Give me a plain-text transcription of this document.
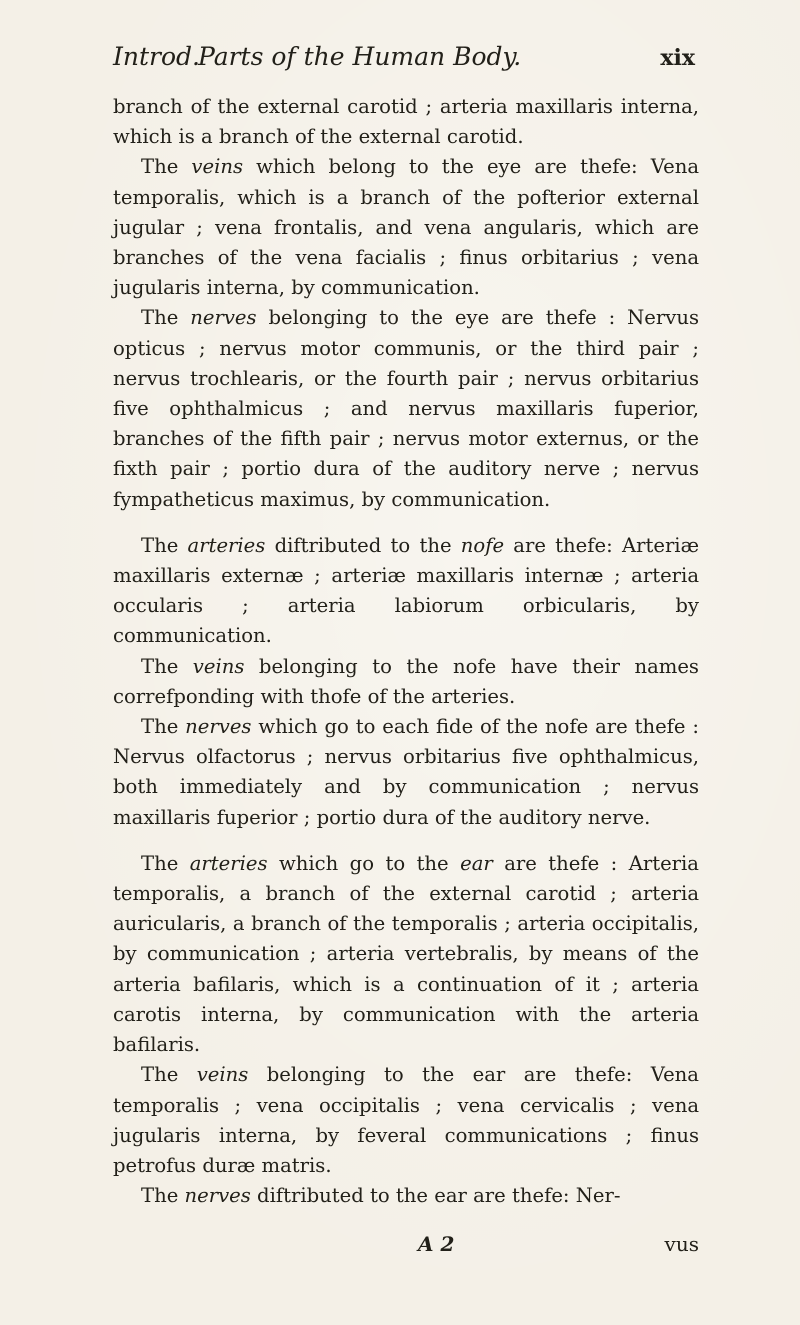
Introd.
Parts of the Human Body.	xix

branch of the external carotid ; arteria maxillaris interna, which is a branch of the external carotid.

The veins which belong to the eye are thefe: Vena temporalis, which is a branch of the pofterior external jugular ; vena frontalis, and vena angularis, which are branches of the vena facialis ; finus orbitarius ; vena jugularis interna, by communication.

The nerves belonging to the eye are thefe : Nervus opticus ; nervus motor communis, or the third pair ; nervus trochlearis, or the fourth pair ; nervus orbitarius five ophthalmicus ; and nervus maxillaris fuperior, branches of the fifth pair ; nervus motor externus, or the fixth pair ; portio dura of the auditory nerve ; nervus fympatheticus maximus, by communication.

The arteries diftributed to the nofe are thefe: Arteriæ maxillaris externæ ; arteriæ maxillaris internæ ; arteria occularis ; arteria labiorum orbicularis, by communication.

The veins belonging to the nofe have their names correfponding with thofe of the arteries.

The nerves which go to each fide of the nofe are thefe : Nervus olfactorus ; nervus orbitarius five ophthalmicus, both immediately and by communication ; nervus maxillaris fuperior ; portio dura of the auditory nerve.

The arteries which go to the ear are thefe : Arteria temporalis, a branch of the external carotid ; arteria auricularis, a branch of the temporalis ; arteria occipitalis, by communication ; arteria vertebralis, by means of the arteria bafilaris, which is a continuation of it ; arteria carotis interna, by communication with the arteria bafilaris.

The veins belonging to the ear are thefe: Vena temporalis ; vena occipitalis ; vena cervicalis ; vena jugularis interna, by feveral communications ; finus petrofus duræ matris.

The nerves diftributed to the ear are thefe: Ner-

A 2	vus
